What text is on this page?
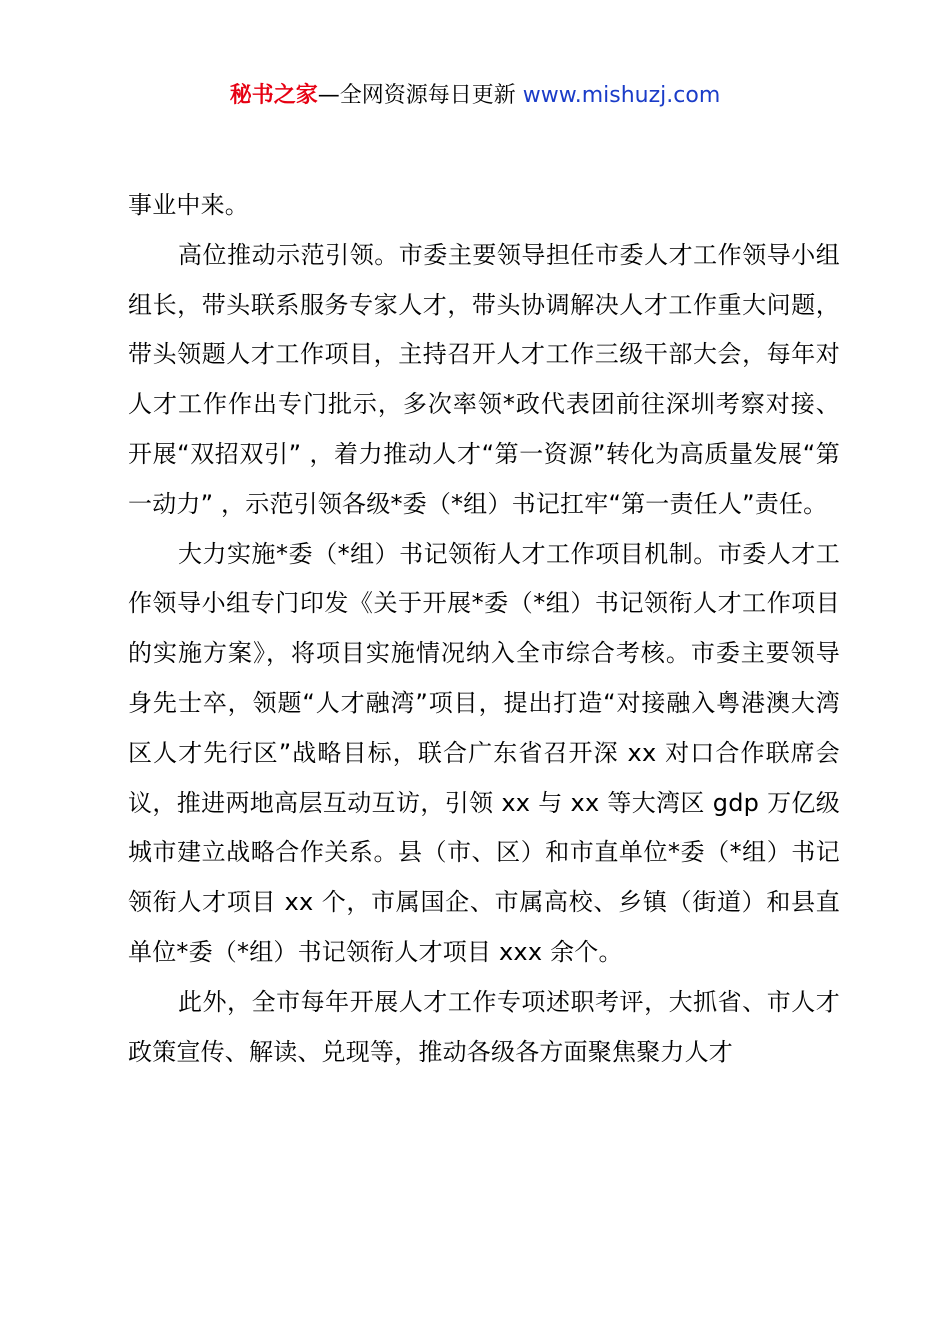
秘书之家—全网资源每日更新 www.mishuzj.com

事业中来。

高位推动示范引领。市委主要领导担任市委人才工作领导小组组长，带头联系服务专家人才，带头协调解决人才工作重大问题，带头领题人才工作项目，主持召开人才工作三级干部大会，每年对人才工作作出专门批示，多次率领*政代表团前往深圳考察对接、开展“双招双引” ，着力推动人才“第一资源”转化为高质量发展“第一动力” ，示范引领各级*委（*组）书记扛牢“第一责任人”责任。

大力实施*委（*组）书记领衔人才工作项目机制。市委人才工作领导小组专门印发《关于开展*委（*组）书记领衔人才工作项目的实施方案》，将项目实施情况纳入全市综合考核。市委主要领导身先士卒，领题“人才融湾”项目，提出打造“对接融入粤港澳大湾区人才先行区”战略目标，联合广东省召开深 xx 对口合作联席会议，推进两地高层互动互访，引领 xx 与 xx 等大湾区 gdp 万亿级城市建立战略合作关系。县（市、区）和市直单位*委（*组）书记领衔人才项目 xx 个，市属国企、市属高校、乡镇（街道）和县直单位*委（*组）书记领衔人才项目 xxx 余个。

此外，全市每年开展人才工作专项述职考评，大抓省、市人才政策宣传、解读、兑现等，推动各级各方面聚焦聚力人才
